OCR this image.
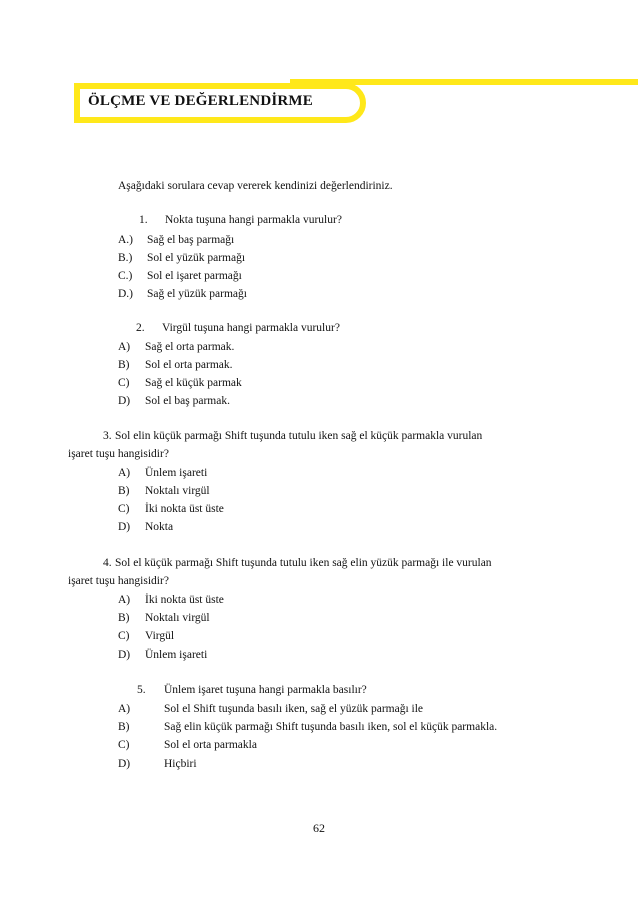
ÖLÇME VE DEĞERLENDİRME
Aşağıdaki sorulara cevap vererek kendinizi değerlendiriniz.
1. Nokta tuşuna hangi parmakla vurulur?
A.) Sağ el baş parmağı
B.) Sol el yüzük parmağı
C.) Sol el işaret parmağı
D.) Sağ el yüzük parmağı
2. Virgül tuşuna hangi parmakla vurulur?
A) Sağ el orta parmak.
B) Sol el orta parmak.
C) Sağ el küçük parmak
D) Sol el baş parmak.
3. Sol elin küçük parmağı Shift tuşunda tutulu iken sağ el küçük parmakla vurulan
işaret tuşu hangisidir?
A) Ünlem işareti
B) Noktalı virgül
C) İki nokta üst üste
D) Nokta
4. Sol el küçük parmağı Shift tuşunda tutulu iken sağ elin yüzük parmağı ile vurulan
işaret tuşu hangisidir?
A) İki nokta üst üste
B) Noktalı virgül
C) Virgül
D) Ünlem işareti
5. Ünlem işaret tuşuna hangi parmakla basılır?
A)	Sol el Shift tuşunda basılı iken, sağ el yüzük parmağı ile
B)	Sağ elin küçük parmağı Shift tuşunda basılı iken, sol el küçük parmakla.
C)	Sol el orta parmakla
D)	Hiçbiri
62
